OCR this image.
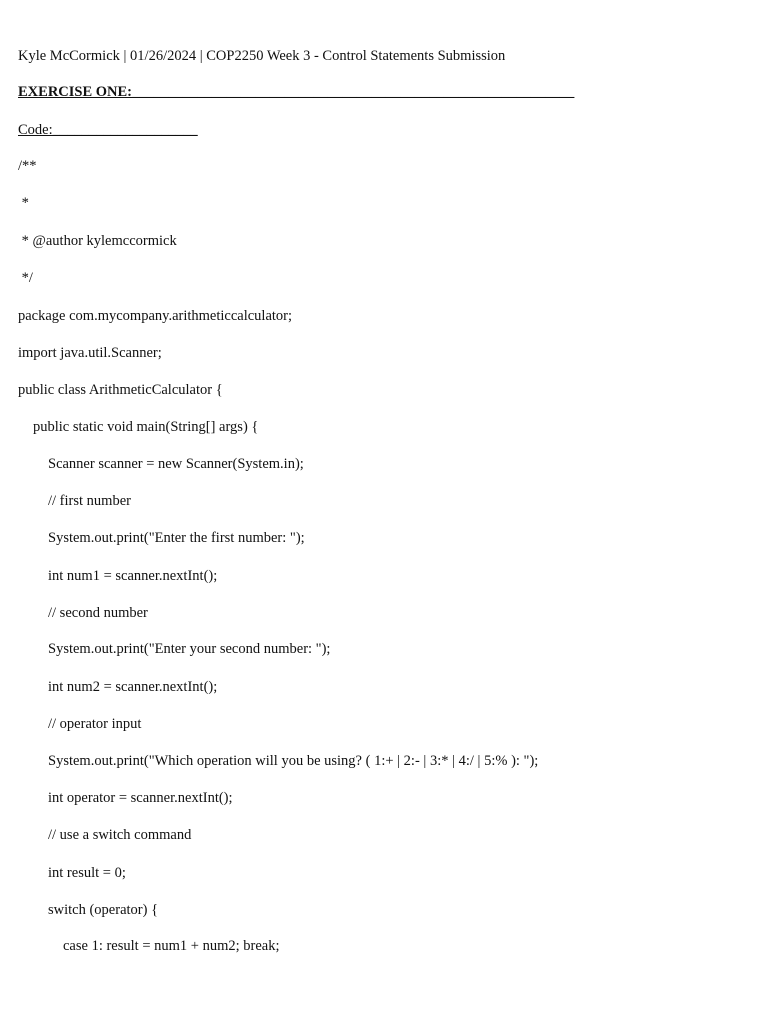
Kyle McCormick | 01/26/2024 | COP2250 Week 3 - Control Statements Submission
EXERCISE ONE:_____________________________________________________________
Code:____________________
/**
*
* @author kylemccormick
*/
package com.mycompany.arithmeticcalculator;
import java.util.Scanner;
public class ArithmeticCalculator {
public static void main(String[] args) {
Scanner scanner = new Scanner(System.in);
// first number
System.out.print("Enter the first number: ");
int num1 = scanner.nextInt();
// second number
System.out.print("Enter your second number: ");
int num2 = scanner.nextInt();
// operator input
System.out.print("Which operation will you be using? ( 1:+ | 2:- | 3:* | 4:/ | 5:% ): ");
int operator = scanner.nextInt();
// use a switch command
int result = 0;
switch (operator) {
case 1: result = num1 + num2; break;
